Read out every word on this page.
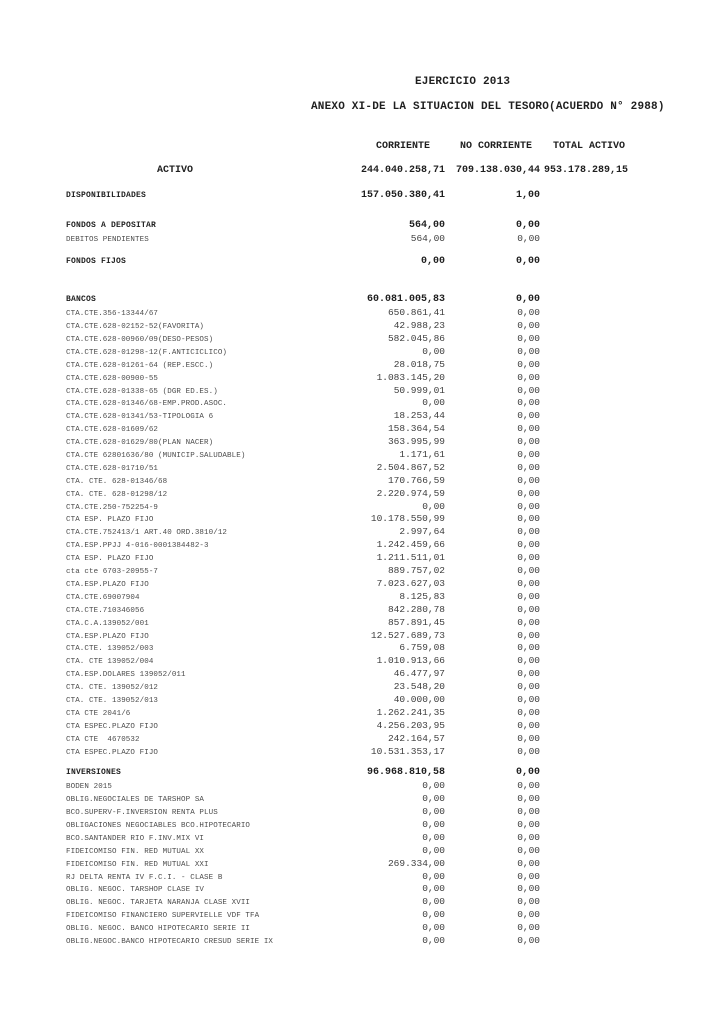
EJERCICIO 2013
ANEXO XI-DE LA SITUACION DEL TESORO(ACUERDO N° 2988)
CORRIENTE	NO CORRIENTE	TOTAL ACTIVO
ACTIVO	244.040.258,71	709.138.030,44 953.178.289,15
DISPONIBILIDADES	157.050.380,41	1,00
FONDOS A DEPOSITAR	564,00	0,00
DEBITOS PENDIENTES	564,00	0,00
FONDOS FIJOS	0,00	0,00
BANCOS	60.081.005,83	0,00
CTA.CTE.356-13344/67	650.861,41	0,00
CTA.CTE.628-02152-52(FAVORITA)	42.988,23	0,00
CTA.CTE.628-00960/09(DESO-PESOS)	582.045,86	0,00
CTA.CTE.628-01298-12(F.ANTICICLICO)	0,00	0,00
CTA.CTE.628-01261-64 (REP.ESCC.)	28.018,75	0,00
CTA.CTE.628-00900-55	1.083.145,20	0,00
CTA.CTE.628-01338-65 (DGR ED.ES.)	50.999,01	0,00
CTA.CTE.628-01346/68-EMP.PROD.ASOC.	0,00	0,00
CTA.CTE.628-01341/53-TIPOLOGIA 6	18.253,44	0,00
CTA.CTE.628-01609/62	158.364,54	0,00
CTA.CTE.628-01629/80(PLAN NACER)	363.995,99	0,00
CTA.CTE 62801636/80 (MUNICIP.SALUDABLE)	1.171,61	0,00
CTA.CTE.628-01710/51	2.504.867,52	0,00
CTA. CTE. 628-01346/68	170.766,59	0,00
CTA. CTE. 628-01298/12	2.220.974,59	0,00
CTA.CTE.250-752254-9	0,00	0,00
CTA ESP. PLAZO FIJO	10.178.550,99	0,00
CTA.CTE.752413/1 ART.40 ORD.3810/12	2.997,64	0,00
CTA.ESP.PPJJ 4-016-0001384482-3	1.242.459,66	0,00
CTA ESP. PLAZO FIJO	1.211.511,01	0,00
cta cte 6703-20955-7	889.757,02	0,00
CTA.ESP.PLAZO FIJO	7.023.627,03	0,00
CTA.CTE.69007904	8.125,83	0,00
CTA.CTE.710346056	842.280,78	0,00
CTA.C.A.139052/001	857.891,45	0,00
CTA.ESP.PLAZO FIJO	12.527.689,73	0,00
CTA.CTE. 139052/003	6.759,08	0,00
CTA. CTE 139052/004	1.010.913,66	0,00
CTA.ESP.DOLARES 139052/011	46.477,97	0,00
CTA. CTE. 139052/012	23.548,20	0,00
CTA. CTE. 139052/013	40.000,00	0,00
CTA CTE 2041/6	1.262.241,35	0,00
CTA ESPEC.PLAZO FIJO	4.256.203,95	0,00
CTA CTE  4670532	242.164,57	0,00
CTA ESPEC.PLAZO FIJO	10.531.353,17	0,00
INVERSIONES	96.968.810,58	0,00
BODEN 2015	0,00	0,00
OBLIG.NEGOCIALES DE TARSHOP SA	0,00	0,00
BCO.SUPERV-F.INVERSION RENTA PLUS	0,00	0,00
OBLIGACIONES NEGOCIABLES BCO.HIPOTECARIO	0,00	0,00
BCO.SANTANDER RIO F.INV.MIX VI	0,00	0,00
FIDEICOMISO FIN. RED MUTUAL XX	0,00	0,00
FIDEICOMISO FIN. RED MUTUAL XXI	269.334,00	0,00
RJ DELTA RENTA IV F.C.I. - CLASE B	0,00	0,00
OBLIG. NEGOC. TARSHOP CLASE IV	0,00	0,00
OBLIG. NEGOC. TARJETA NARANJA CLASE XVII	0,00	0,00
FIDEICOMISO FINANCIERO SUPERVIELLE VDF TFA	0,00	0,00
OBLIG. NEGOC. BANCO HIPOTECARIO SERIE II	0,00	0,00
OBLIG.NEGOC.BANCO HIPOTECARIO CRESUD SERIE IX	0,00	0,00
